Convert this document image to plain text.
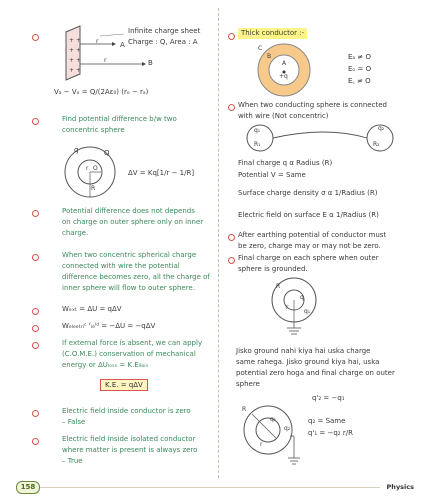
+ +
+ +
+ +
+ +
Infinite charge sheet
Charge : Q, Area : A
r	A
r	B
Vₐ − Vₒ = Q/(2Aε₀) (rₒ − rₐ)
Find potential difference b/w two
concentric sphere
q	Q
r O
R
ΔV = Kq[1/r − 1/R]
Potential difference does not depends
on charge on outer sphere only on inner
charge.
When two concentric spherical charge
connected with wire the potential
difference becomes zero, all the charge of
inner sphere will flow to outer sphere.
Wₑₓₜ = ΔU = qΔV
Wₑₗₑₑₜᵣᵢᶜ ᶠᵢₑˡᵈ = −ΔU = −qΔV
If external force is absent, we can apply
(C.O.M.E.) conservation of mechanical
energy or ΔUₗₒₛₛ = K.E₉ₐᵢₙ
K.E. = qΔV
Electric field inside conductor is zero
– False
Electric field inside isolated conductor
where matter is present is always zero
– True
Thick conductor :-
C
B
A
+q
Eₐ ≠ O
Eₒ = O
E꜀ ≠ O
When two conducting sphere is connected
with wire (Not concentric)
q₁	q₂
R₁	R₂
Final charge q α Radius (R)
Potential V = Same
Surface charge density σ α 1/Radius (R)
Electric field on surface E α 1/Radius (R)
After earthing potential of conductor must
be zero, charge may or may not be zero.
Final charge on each sphere when outer
sphere is grounded.
R
q
r
q₁
Jisko ground nahi kiya hai uska charge
same rahega. Jisko ground kiya hai, uska
potential zero hoga and final charge on outer
sphere
q'₂ = −q₁
R
r
q₁
q₂
q₂ = Same
q'₁ = −q₂ r/R
158	Physics
